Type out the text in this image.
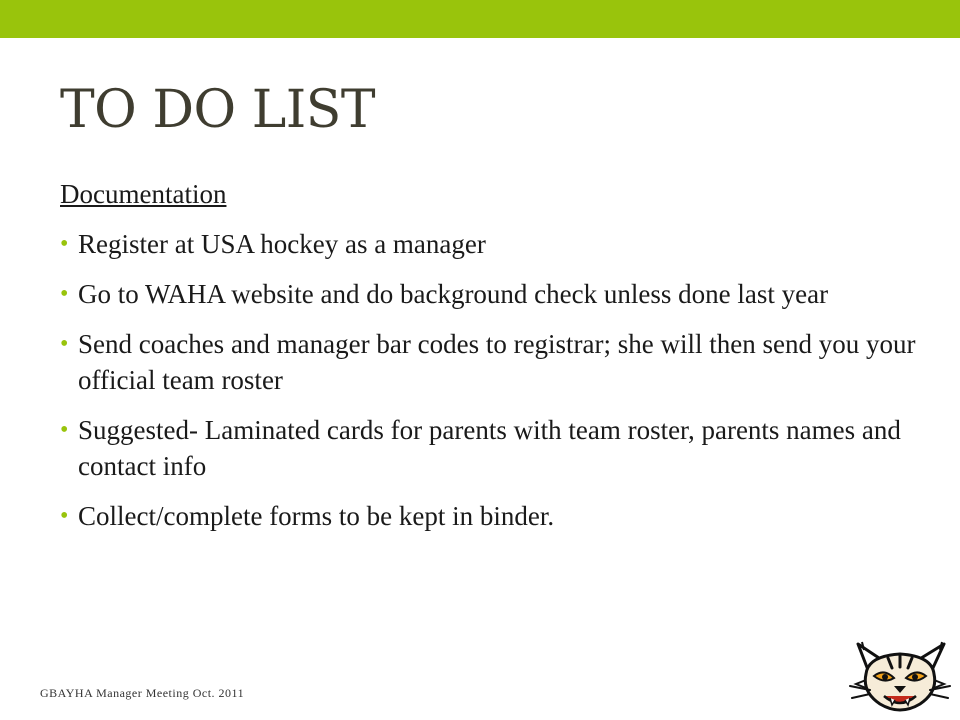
TO DO LIST
Documentation
• Register at USA hockey as a manager
• Go to WAHA website and do background check unless done last year
• Send coaches and manager bar codes to registrar; she will then send you your official team roster
• Suggested- Laminated cards for parents with team roster, parents names and contact info
• Collect/complete forms to be kept in binder.
GBAYHA Manager Meeting Oct. 2011
